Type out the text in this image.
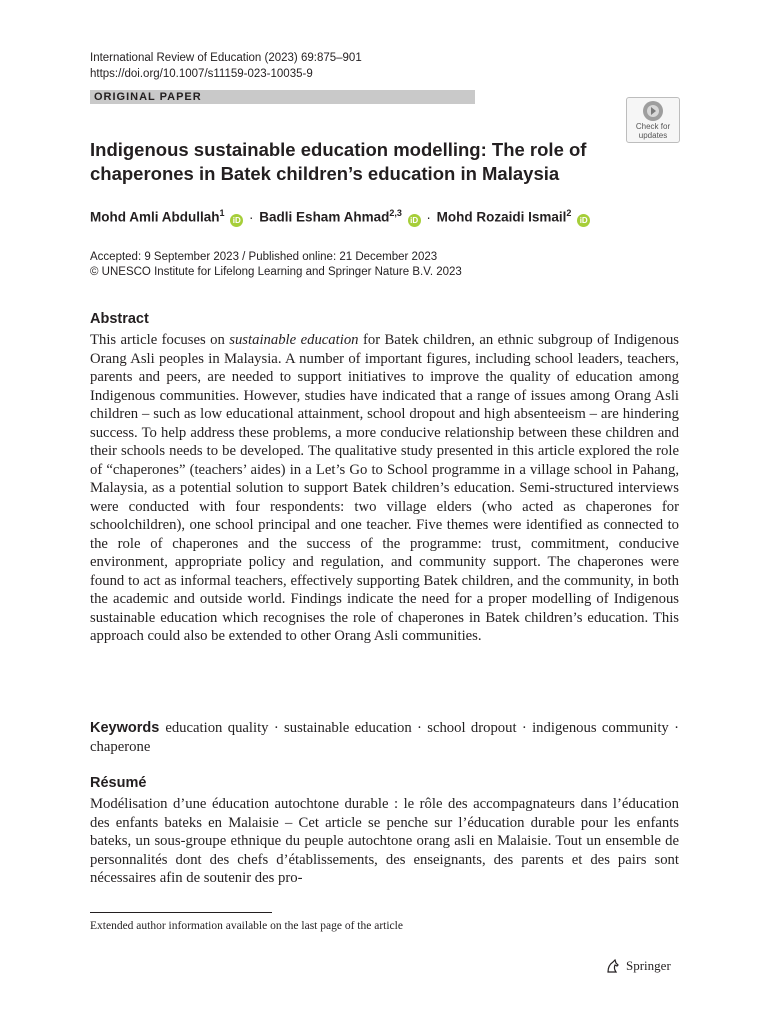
International Review of Education (2023) 69:875–901
https://doi.org/10.1007/s11159-023-10035-9
ORIGINAL PAPER
Check for updates
Indigenous sustainable education modelling: The role of chaperones in Batek children’s education in Malaysia
Mohd Amli Abdullah$^1$ iD · Badli Esham Ahmad$^{2,3}$ iD · Mohd Rozaidi Ismail$^2$ iD
Accepted: 9 September 2023 / Published online: 21 December 2023
© UNESCO Institute for Lifelong Learning and Springer Nature B.V. 2023
Abstract
This article focuses on sustainable education for Batek children, an ethnic subgroup of Indigenous Orang Asli peoples in Malaysia. A number of important figures, including school leaders, teachers, parents and peers, are needed to support initiatives to improve the quality of education among Indigenous communities. However, studies have indicated that a range of issues among Orang Asli children – such as low educational attainment, school dropout and high absenteeism – are hindering success. To help address these problems, a more conducive relationship between these children and their schools needs to be developed. The qualitative study presented in this article explored the role of “chaperones” (teachers’ aides) in a Let’s Go to School programme in a village school in Pahang, Malaysia, as a potential solution to support Batek children’s education. Semi-structured interviews were conducted with four respondents: two village elders (who acted as chaperones for schoolchildren), one school principal and one teacher. Five themes were identified as connected to the role of chaperones and the success of the programme: trust, commitment, conducive environment, appropriate policy and regulation, and community support. The chaperones were found to act as informal teachers, effectively supporting Batek children, and the community, in both the academic and outside world. Findings indicate the need for a proper modelling of Indigenous sustainable education which recognises the role of chaperones in Batek children’s education. This approach could also be extended to other Orang Asli communities.
Keywords education quality · sustainable education · school dropout · indigenous community · chaperone
Résumé
Modélisation d’une éducation autochtone durable : le rôle des accompagnateurs dans l’éducation des enfants bateks en Malaisie – Cet article se penche sur l’éducation durable pour les enfants bateks, un sous-groupe ethnique du peuple autochtone orang asli en Malaisie. Tout un ensemble de personnalités dont des chefs d’établissements, des enseignants, des parents et des pairs sont nécessaires afin de soutenir des pro-
Extended author information available on the last page of the article
Springer
